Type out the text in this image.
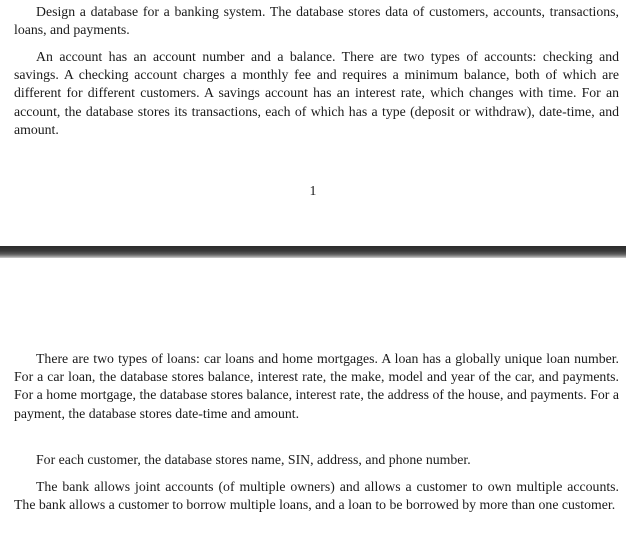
Design a database for a banking system. The database stores data of customers, accounts, transactions, loans, and payments.

An account has an account number and a balance. There are two types of accounts: checking and savings. A checking account charges a monthly fee and requires a minimum balance, both of which are different for different customers. A savings account has an interest rate, which changes with time. For an account, the database stores its transactions, each of which has a type (deposit or withdraw), date-time, and amount.

1

There are two types of loans: car loans and home mortgages. A loan has a globally unique loan number. For a car loan, the database stores balance, interest rate, the make, model and year of the car, and payments. For a home mortgage, the database stores balance, interest rate, the address of the house, and payments. For a payment, the database stores date-time and amount.

For each customer, the database stores name, SIN, address, and phone number.

The bank allows joint accounts (of multiple owners) and allows a customer to own multiple accounts. The bank allows a customer to borrow multiple loans, and a loan to be borrowed by more than one customer.
